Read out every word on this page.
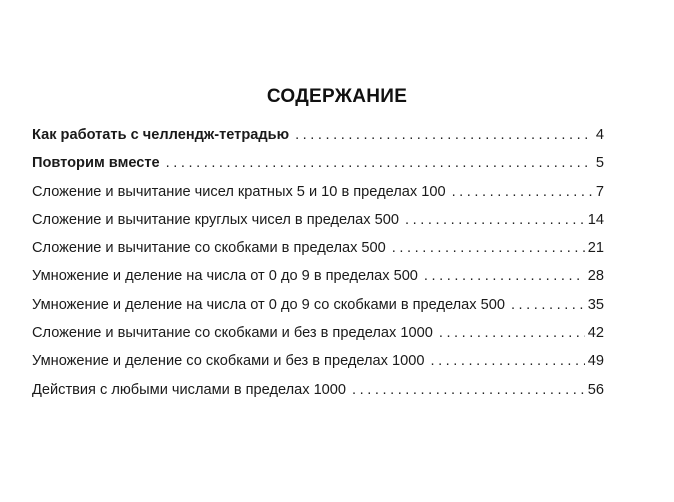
СОДЕРЖАНИЕ
Как работать с челлендж-тетрадью . . .	4
Повторим вместе . . .	5
Сложение и вычитание чисел кратных 5 и 10 в пределах 100 . . .	7
Сложение и вычитание круглых чисел в пределах 500 . . .	14
Сложение и вычитание со скобками в пределах 500 . . .	21
Умножение и деление на числа от 0 до 9 в пределах 500 . . .	28
Умножение и деление на числа от 0 до 9 со скобками в пределах 500 . . .	35
Сложение и вычитание со скобками и без в пределах 1000 . . .	42
Умножение и деление со скобками и без в пределах 1000 . . .	49
Действия с любыми числами в пределах 1000 . . .	56
